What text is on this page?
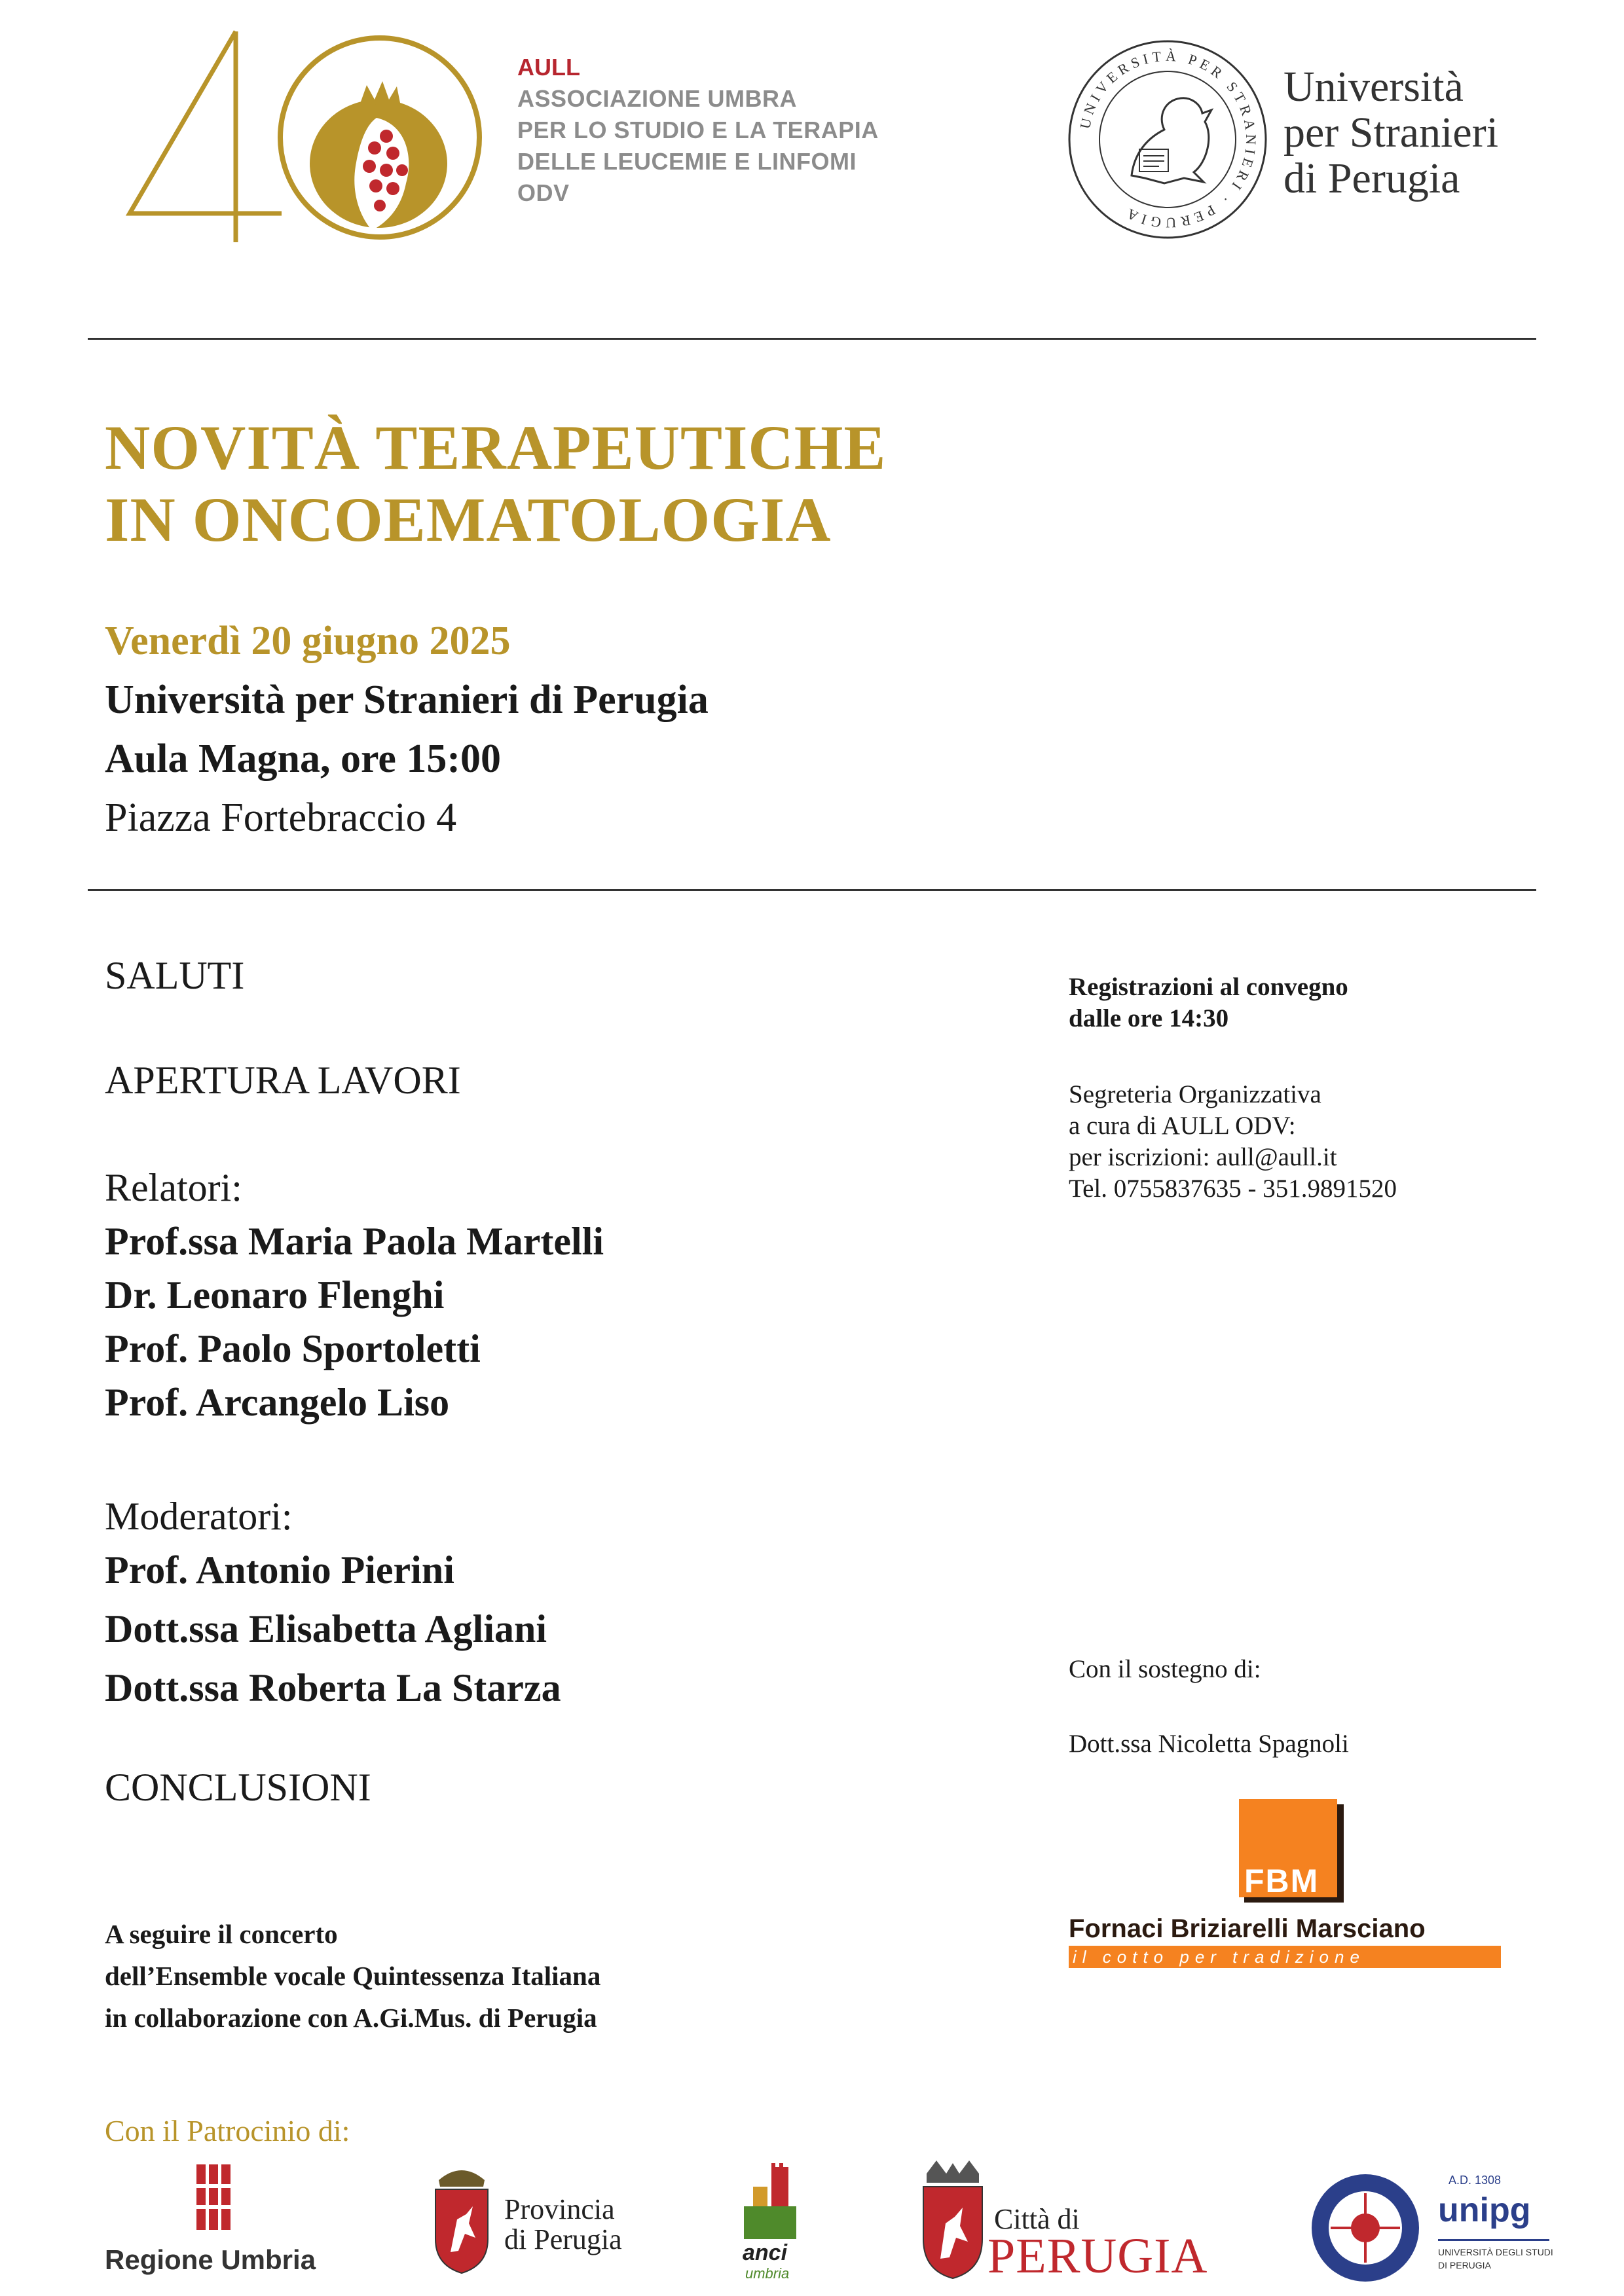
AULL
ASSOCIAZIONE UMBRA
PER LO STUDIO E LA TERAPIA
DELLE LEUCEMIE E LINFOMI
ODV
UNIVERSITÀ PER STRANIERI · PERUGIA
Università
per Stranieri
di Perugia
NOVITÀ TERAPEUTICHE
IN ONCOEMATOLOGIA
Venerdì 20 giugno 2025
Università per Stranieri di Perugia
Aula Magna, ore 15:00
Piazza Fortebraccio 4
SALUTI
APERTURA LAVORI
Relatori:
Prof.ssa Maria Paola Martelli
Dr. Leonaro Flenghi
Prof. Paolo Sportoletti
Prof. Arcangelo Liso
Moderatori:
Prof. Antonio Pierini
Dott.ssa Elisabetta Agliani
Dott.ssa Roberta La Starza
CONCLUSIONI
A seguire il concerto
dell’Ensemble vocale Quintessenza Italiana
in collaborazione con A.Gi.Mus. di Perugia
Registrazioni al convegno
dalle ore 14:30
Segreteria Organizzativa
a cura di AULL ODV:
per iscrizioni: aull@aull.it
Tel. 0755837635 - 351.9891520
Con il sostegno di:
Dott.ssa Nicoletta Spagnoli
FBM
Fornaci Briziarelli Marsciano
il cotto per tradizione
Con il Patrocinio di:
Regione Umbria
Provincia
di Perugia	anci
umbria
Città di
PERUGIA
A.D. 1308
unipg
UNIVERSITÀ DEGLI STUDI
DI PERUGIA
